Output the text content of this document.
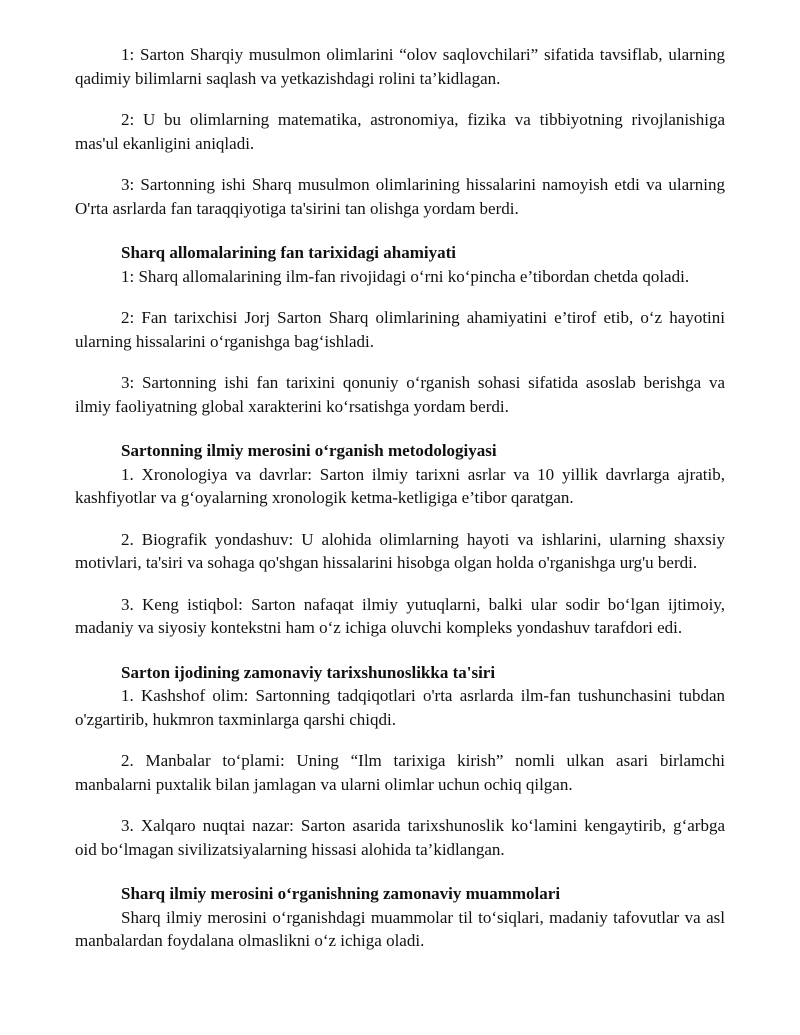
1: Sarton Sharqiy musulmon olimlarini “olov saqlovchilari” sifatida tavsiflab, ularning qadimiy bilimlarni saqlash va yetkazishdagi rolini ta’kidlagan.

2: U bu olimlarning matematika, astronomiya, fizika va tibbiyotning rivojlanishiga mas'ul ekanligini aniqladi.

3: Sartonning ishi Sharq musulmon olimlarining hissalarini namoyish etdi va ularning O'rta asrlarda fan taraqqiyotiga ta'sirini tan olishga yordam berdi.

Sharq allomalarining fan tarixidagi ahamiyati

1: Sharq allomalarining ilm-fan rivojidagi o‘rni ko‘pincha e’tibordan chetda qoladi.

2: Fan tarixchisi Jorj Sarton Sharq olimlarining ahamiyatini e’tirof etib, o‘z hayotini ularning hissalarini o‘rganishga bag‘ishladi.

3: Sartonning ishi fan tarixini qonuniy o‘rganish sohasi sifatida asoslab berishga va ilmiy faoliyatning global xarakterini ko‘rsatishga yordam berdi.

Sartonning ilmiy merosini o‘rganish metodologiyasi

1. Xronologiya va davrlar: Sarton ilmiy tarixni asrlar va 10 yillik davrlarga ajratib, kashfiyotlar va g‘oyalarning xronologik ketma-ketligiga e’tibor qaratgan.

2. Biografik yondashuv: U alohida olimlarning hayoti va ishlarini, ularning shaxsiy motivlari, ta'siri va sohaga qo'shgan hissalarini hisobga olgan holda o'rganishga urg'u berdi.

3. Keng istiqbol: Sarton nafaqat ilmiy yutuqlarni, balki ular sodir bo‘lgan ijtimoiy, madaniy va siyosiy kontekstni ham o‘z ichiga oluvchi kompleks yondashuv tarafdori edi.

Sarton ijodining zamonaviy tarixshunoslikka ta'siri

1. Kashshof olim: Sartonning tadqiqotlari o'rta asrlarda ilm-fan tushunchasini tubdan o'zgartirib, hukmron taxminlarga qarshi chiqdi.

2. Manbalar to‘plami: Uning “Ilm tarixiga kirish” nomli ulkan asari birlamchi manbalarni puxtalik bilan jamlagan va ularni olimlar uchun ochiq qilgan.

3. Xalqaro nuqtai nazar: Sarton asarida tarixshunoslik ko‘lamini kengaytirib, g‘arbga oid bo‘lmagan sivilizatsiyalarning hissasi alohida ta’kidlangan.

Sharq ilmiy merosini o‘rganishning zamonaviy muammolari

Sharq ilmiy merosini o‘rganishdagi muammolar til to‘siqlari, madaniy tafovutlar va asl manbalardan foydalana olmaslikni o‘z ichiga oladi.
